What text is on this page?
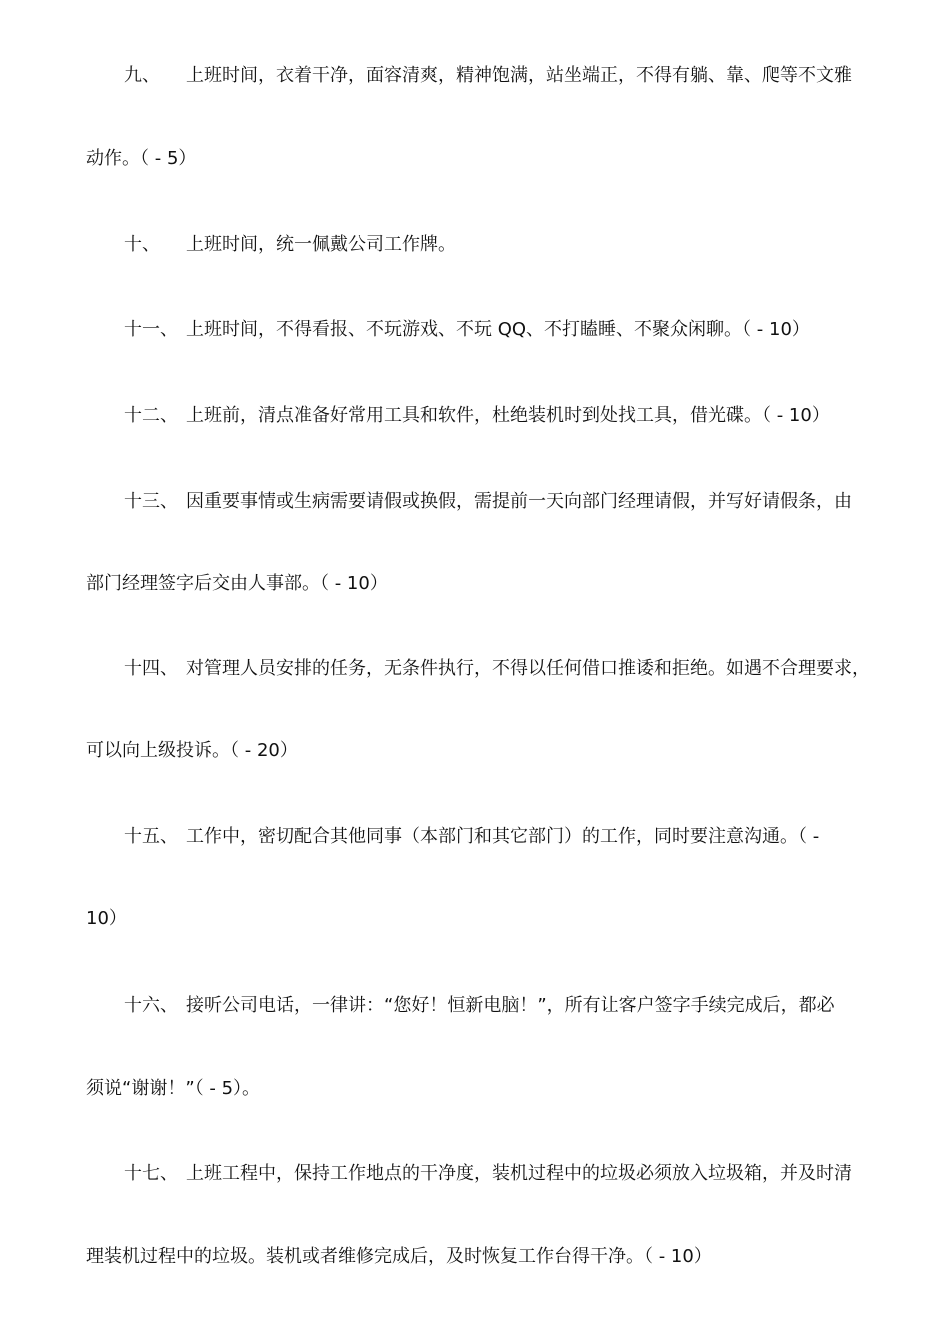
九、 上班时间，衣着干净，面容清爽，精神饱满，站坐端正，不得有躺、靠、爬等不文雅
动作。（ - 5）
十、 上班时间，统一佩戴公司工作牌。
十一、 上班时间，不得看报、不玩游戏、不玩 QQ、不打瞌睡、不聚众闲聊。（ - 10）
十二、 上班前，清点准备好常用工具和软件，杜绝装机时到处找工具，借光碟。（ - 10）
十三、 因重要事情或生病需要请假或换假，需提前一天向部门经理请假，并写好请假条，由
部门经理签字后交由人事部。（ - 10）
十四、 对管理人员安排的任务，无条件执行，不得以任何借口推诿和拒绝。如遇不合理要求，
可以向上级投诉。（ - 20）
十五、 工作中，密切配合其他同事（本部门和其它部门）的工作，同时要注意沟通。（ -
10）
十六、 接听公司电话，一律讲：“您好！恒新电脑！”，所有让客户签字手续完成后，都必
须说“谢谢！”（ - 5）。
十七、 上班工程中，保持工作地点的干净度，装机过程中的垃圾必须放入垃圾箱，并及时清
理装机过程中的垃圾。装机或者维修完成后，及时恢复工作台得干净。（ - 10）
